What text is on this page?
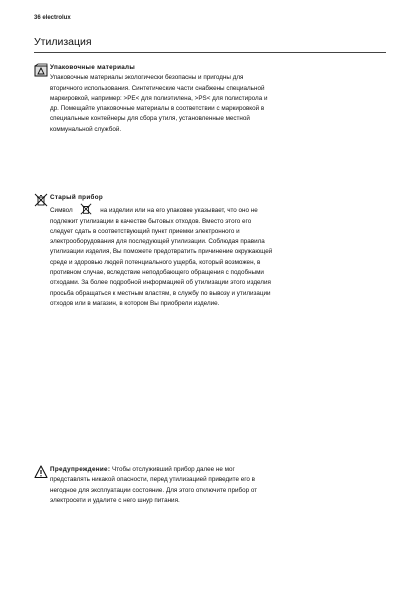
36 electrolux
Утилизация

Упаковочные материалы
Упаковочные материалы экологически безопасны и пригодны для вторичного использования. Синтетические части снабжены специальной маркировкой, например: >PE< для полиэтилена, >PS< для полистирола и др. Помещайте упаковочные материалы в соответствии с маркировкой в специальные контейнеры для сбора утиля, установленные местной коммунальной службой.

Старый прибор
Символ	на изделии или на его упаковке указывает, что оно не подлежит утилизации в качестве бытовых отходов. Вместо этого его следует сдать в соответствующий пункт приемки электронного и электрооборудования для последующей утилизации. Соблюдая правила утилизации изделия, Вы поможете предотвратить причинение окружающей среде и здоровью людей потенциального ущерба, который возможен, в противном случае, вследствие неподобающего обращения с подобными отходами. За более подробной информацией об утилизации этого изделия просьба обращаться к местным властям, в службу по вывозу и утилизации отходов или в магазин, в котором Вы приобрели изделие.

Предупреждение: Чтобы отслуживший прибор далее не мог представлять никакой опасности, перед утилизацией приведите его в негодное для эксплуатации состояние. Для этого отключите прибор от электросети и удалите с него шнур питания.
